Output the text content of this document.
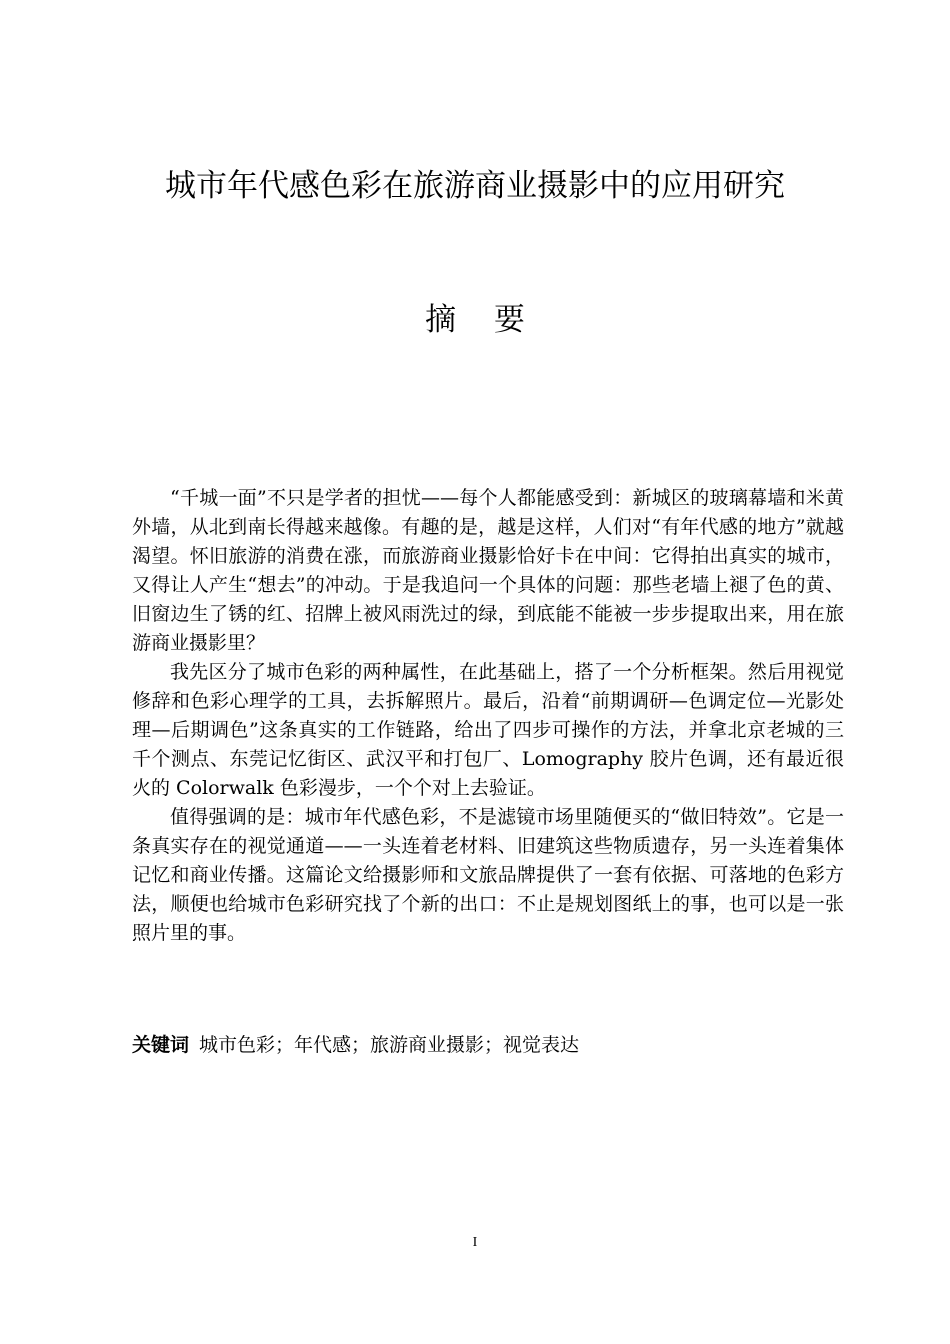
城市年代感色彩在旅游商业摄影中的应用研究
摘 要

“千城一面”不只是学者的担忧——每个人都能感受到：新城区的玻璃幕墙和米黄外墙，从北到南长得越来越像。有趣的是，越是这样，人们对“有年代感的地方”就越渴望。怀旧旅游的消费在涨，而旅游商业摄影恰好卡在中间：它得拍出真实的城市，又得让人产生“想去”的冲动。于是我追问一个具体的问题：那些老墙上褪了色的黄、旧窗边生了锈的红、招牌上被风雨洗过的绿，到底能不能被一步步提取出来，用在旅游商业摄影里？

我先区分了城市色彩的两种属性，在此基础上，搭了一个分析框架。然后用视觉修辞和色彩心理学的工具，去拆解照片。最后，沿着“前期调研—色调定位—光影处理—后期调色”这条真实的工作链路，给出了四步可操作的方法，并拿北京老城的三千个测点、东莞记忆街区、武汉平和打包厂、Lomography 胶片色调，还有最近很火的 Colorwalk 色彩漫步，一个个对上去验证。

值得强调的是：城市年代感色彩，不是滤镜市场里随便买的“做旧特效”。它是一条真实存在的视觉通道——一头连着老材料、旧建筑这些物质遗存，另一头连着集体记忆和商业传播。这篇论文给摄影师和文旅品牌提供了一套有依据、可落地的色彩方法，顺便也给城市色彩研究找了个新的出口：不止是规划图纸上的事，也可以是一张照片里的事。

关键词 城市色彩；年代感；旅游商业摄影；视觉表达
I
